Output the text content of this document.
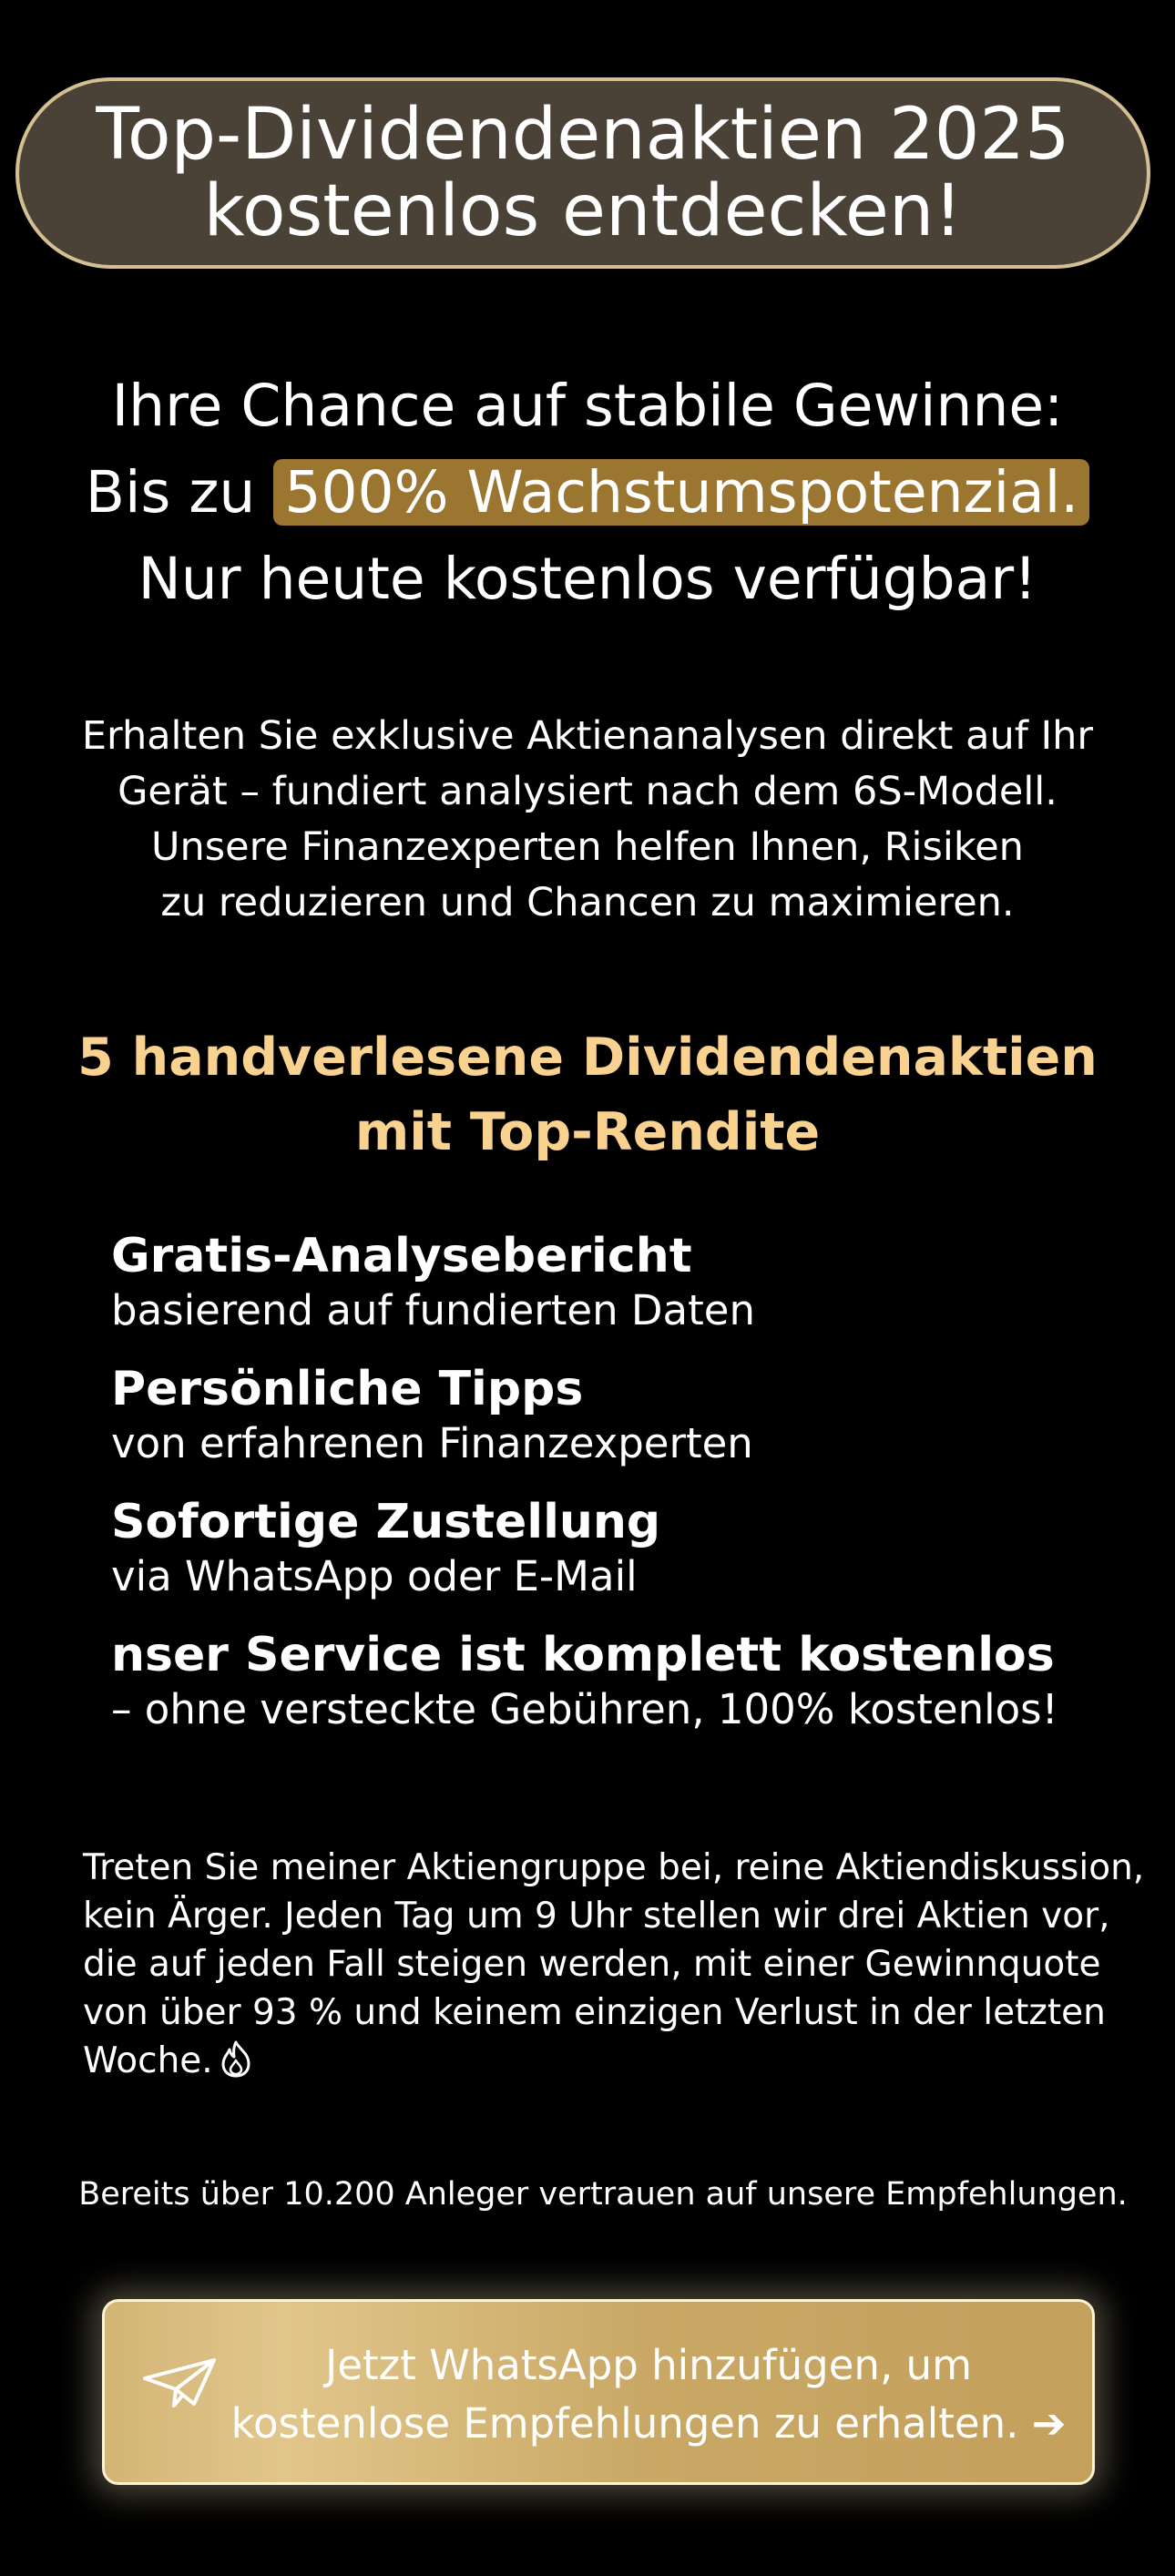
Top-Dividendenaktien 2025
kostenlos entdecken!
Ihre Chance auf stabile Gewinne:
Bis zu 500% Wachstumspotenzial.
Nur heute kostenlos verfügbar!
Erhalten Sie exklusive Aktienanalysen direkt auf Ihr
Gerät – fundiert analysiert nach dem 6S-Modell.
Unsere Finanzexperten helfen Ihnen, Risiken
zu reduzieren und Chancen zu maximieren.
5 handverlesene Dividendenaktien
mit Top-Rendite
Gratis-Analysebericht
basierend auf fundierten Daten
Persönliche Tipps
von erfahrenen Finanzexperten
Sofortige Zustellung
via WhatsApp oder E-Mail
nser Service ist komplett kostenlos
– ohne versteckte Gebühren, 100% kostenlos!
Treten Sie meiner Aktiengruppe bei, reine Aktiendiskussion,
kein Ärger. Jeden Tag um 9 Uhr stellen wir drei Aktien vor,
die auf jeden Fall steigen werden, mit einer Gewinnquote
von über 93 % und keinem einzigen Verlust in der letzten
Woche.
Bereits über 10.200 Anleger vertrauen auf unsere Empfehlungen.
Jetzt WhatsApp hinzufügen, um
kostenlose Empfehlungen zu erhalten. ➔
